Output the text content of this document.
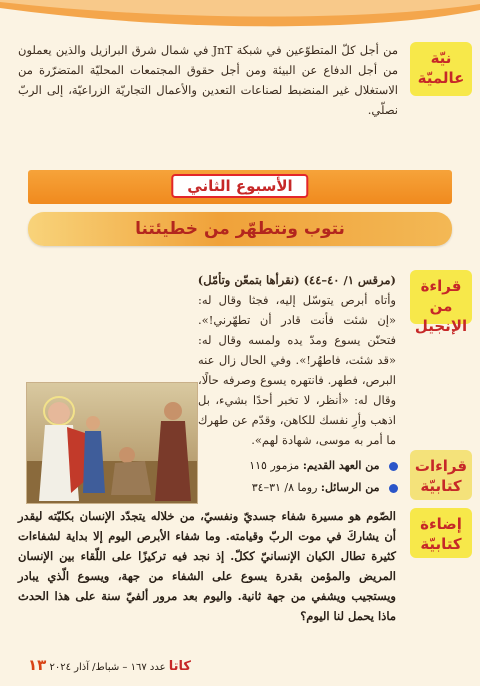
نيّة عالميّة
من أجل كلّ المتطوّعين في شبكة JnT في شمال شرق البرازيل والذين يعملون من أجل الدفاع عن البيئة ومن أجل حقوق المجتمعات المحليّة المتضرّرة من الاستغلال غير المنضبط لصناعات التعدين والأعمال التجاريّة الزراعيّة، إلى الربّ نصلّي.
الأسبوع الثاني
نتوب ونتطهّر من خطيئتنا
قراءة من الإنجيل
(مرقس ١/ ٤٠–٤٤) (نقرأها بتمعّن وتأمّل)
وأتاه أبرص يتوسّل إليه، فجثا وقال له: «إن شئت فأنت قادر أن تطهّرني!». فتحنّن يسوع ومدّ يده ولمسه وقال له: «قد شئت، فاطهُر!». وفي الحال زال عنه البرص، فطهر. فانتهره يسوع وصرفه حالًا، وقال له: «أنظر، لا تخبر أحدًا بشيء، بل اذهب وأرِ نفسك للكاهن، وقدّم عن طهرك ما أمر به موسى، شهادة لهم».
قراءات كتابيّة
من العهد القديم: مزمور ١١٥
من الرسائل: روما ٨/ ٣١–٣٤
إضاءة كتابيّة
الصّوم هو مسيرة شفاء جسديّ ونفسيّ، من خلاله يتجدّد الإنسان بكليّته ليقدر أن يشاركَ في موت الربّ وقيامته. وما شفاء الأبرص اليوم إلا بداية لشفاءات كثيرة تطال الكيان الإنسانيّ ككلّ. إذ نجد فيه تركيزًا على اللّقاء بين الإنسان المريض والمؤمن بقدرة يسوع على الشفاء من جهة، ويسوع الّذي يبادر ويستجيب ويشفي من جهة ثانية. واليوم بعد مرور ألفيّ سنة على هذا الحدث ماذا يحمل لنا اليوم؟
كاتا عدد ١٦٧ – شباط/ آذار ٢٠٢٤ ١٣
